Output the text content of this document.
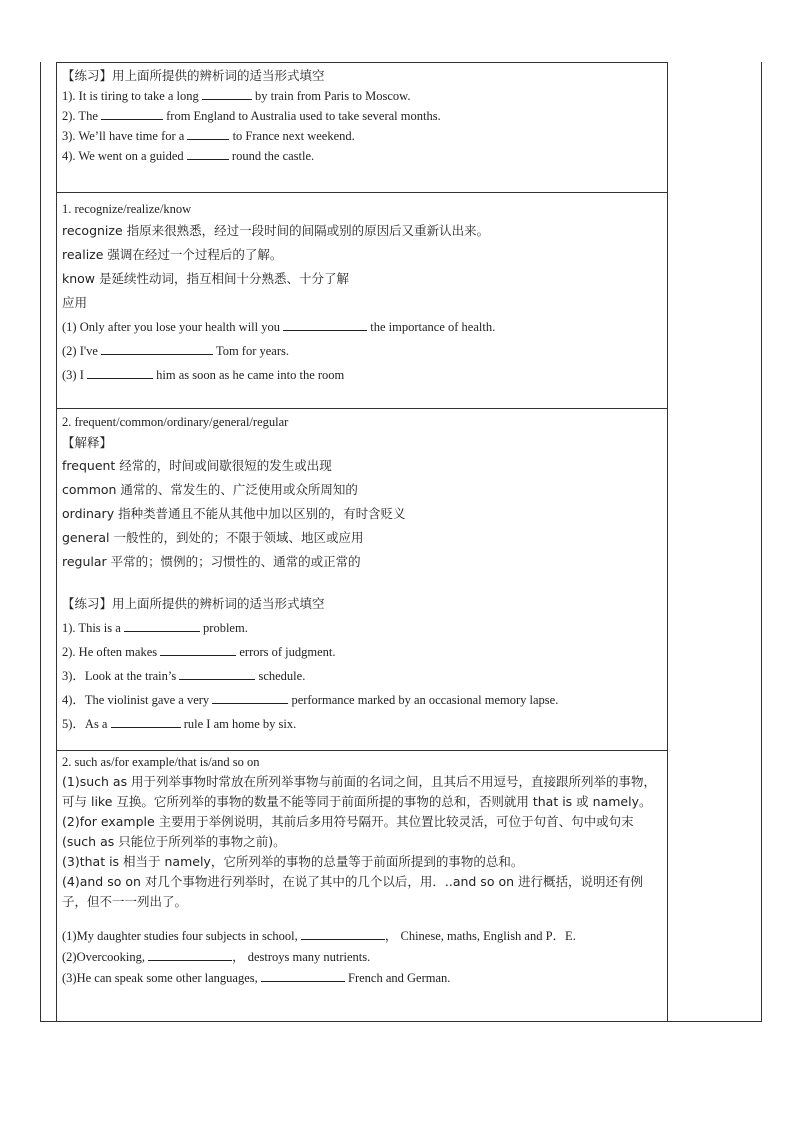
【练习】用上面所提供的辨析词的适当形式填空
1). It is tiring to take a long	by train from Paris to Moscow.
2). The	from England to Australia used to take several months.
3). We’ll have time for a	to France next weekend.
4). We went on a guided	round the castle.
1. recognize/realize/know
recognize 指原来很熟悉，经过一段时间的间隔或别的原因后又重新认出来。
realize 强调在经过一个过程后的了解。
know 是延续性动词，指互相间十分熟悉、十分了解
应用
(1) Only after you lose your health will you	the importance of health.
(2) I've	Tom for years.
(3) I	him as soon as he came into the room
2. frequent/common/ordinary/general/regular
【解释】
frequent 经常的，时间或间歇很短的发生或出现
common 通常的、常发生的、广泛使用或众所周知的
ordinary 指种类普通且不能从其他中加以区别的，有时含贬义
general 一般性的，到处的；不限于领域、地区或应用
regular 平常的；惯例的；习惯性的、通常的或正常的
【练习】用上面所提供的辨析词的适当形式填空
1). This is a	problem.
2). He often makes	errors of judgment.
3)．Look at the train’s	schedule.
4)．The violinist gave a very	performance marked by an occasional memory lapse.
5)．As a	rule I am home by six.
2. such as/for example/that is/and so on
(1)such as 用于列举事物时常放在所列举事物与前面的名词之间，且其后不用逗号，直接跟所列举的事物，可与 like 互换。它所列举的事物的数量不能等同于前面所提的事物的总和，否则就用 that is 或 namely。
(2)for example 主要用于举例说明，其前后多用符号隔开。其位置比较灵活，可位于句首、句中或句末(such as 只能位于所列举的事物之前)。
(3)that is 相当于 namely，它所列举的事物的总量等于前面所提到的事物的总和。
(4)and so on 对几个事物进行列举时，在说了其中的几个以后，用．..and so on 进行概括，说明还有例子，但不一一列出了。
(1)My daughter studies four subjects in school,	， Chinese, maths, English and P．E.
(2)Overcooking,	， destroys many nutrients.
(3)He can speak some other languages,	French and German.
